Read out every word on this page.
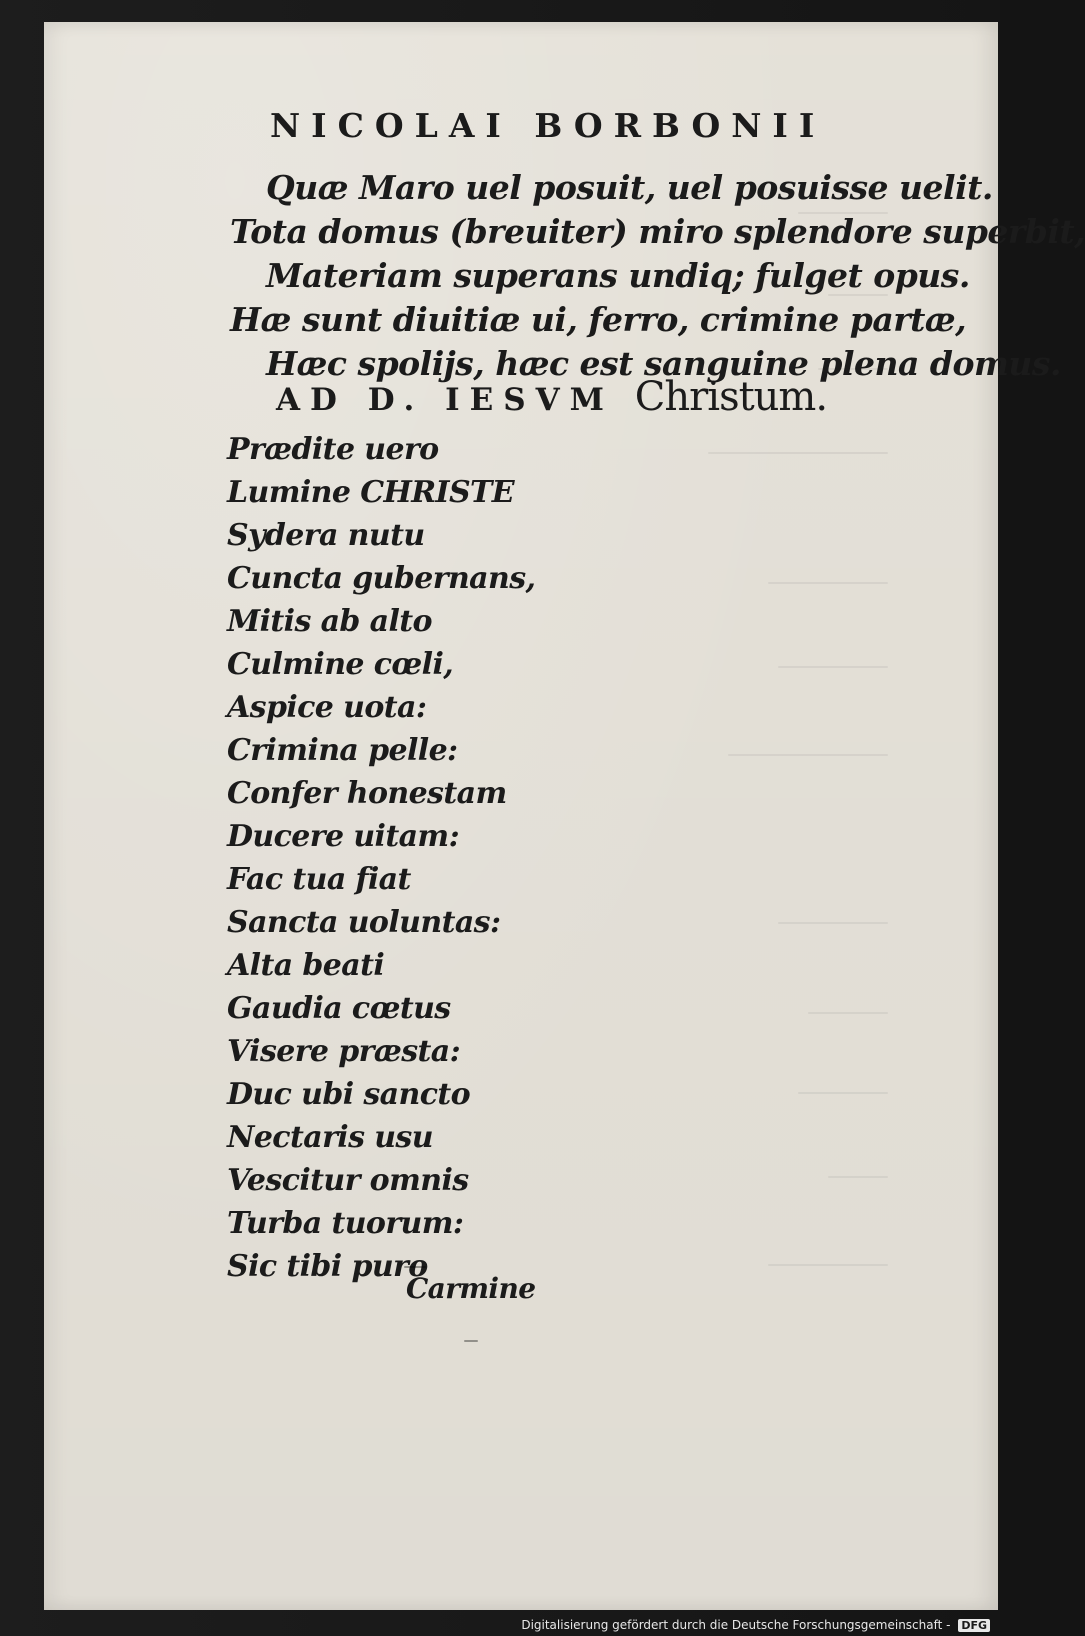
NICOLAI BORBONII
Quæ Maro uel posuit, uel posuisse uelit.
Tota domus (breuiter) miro splendore superbit,
Materiam superans undiq; fulget opus.
Hæ sunt diuitiæ ui, ferro, crimine partæ,
Hæc spolijs, hæc est sanguine plena domus.
AD D. IESVM Christum.
Prædite uero
Lumine CHRISTE
Sydera nutu
Cuncta gubernans,
Mitis ab alto
Culmine cœli,
Aspice uota:
Crimina pelle:
Confer honestam
Ducere uitam:
Fac tua fiat
Sancta uoluntas:
Alta beati
Gaudia cœtus
Visere præsta:
Duc ubi sancto
Nectaris usu
Vescitur omnis
Turba tuorum:
Sic tibi puro
Carmine
Digitalisierung gefördert durch die Deutsche Forschungsgemeinschaft - DFG
